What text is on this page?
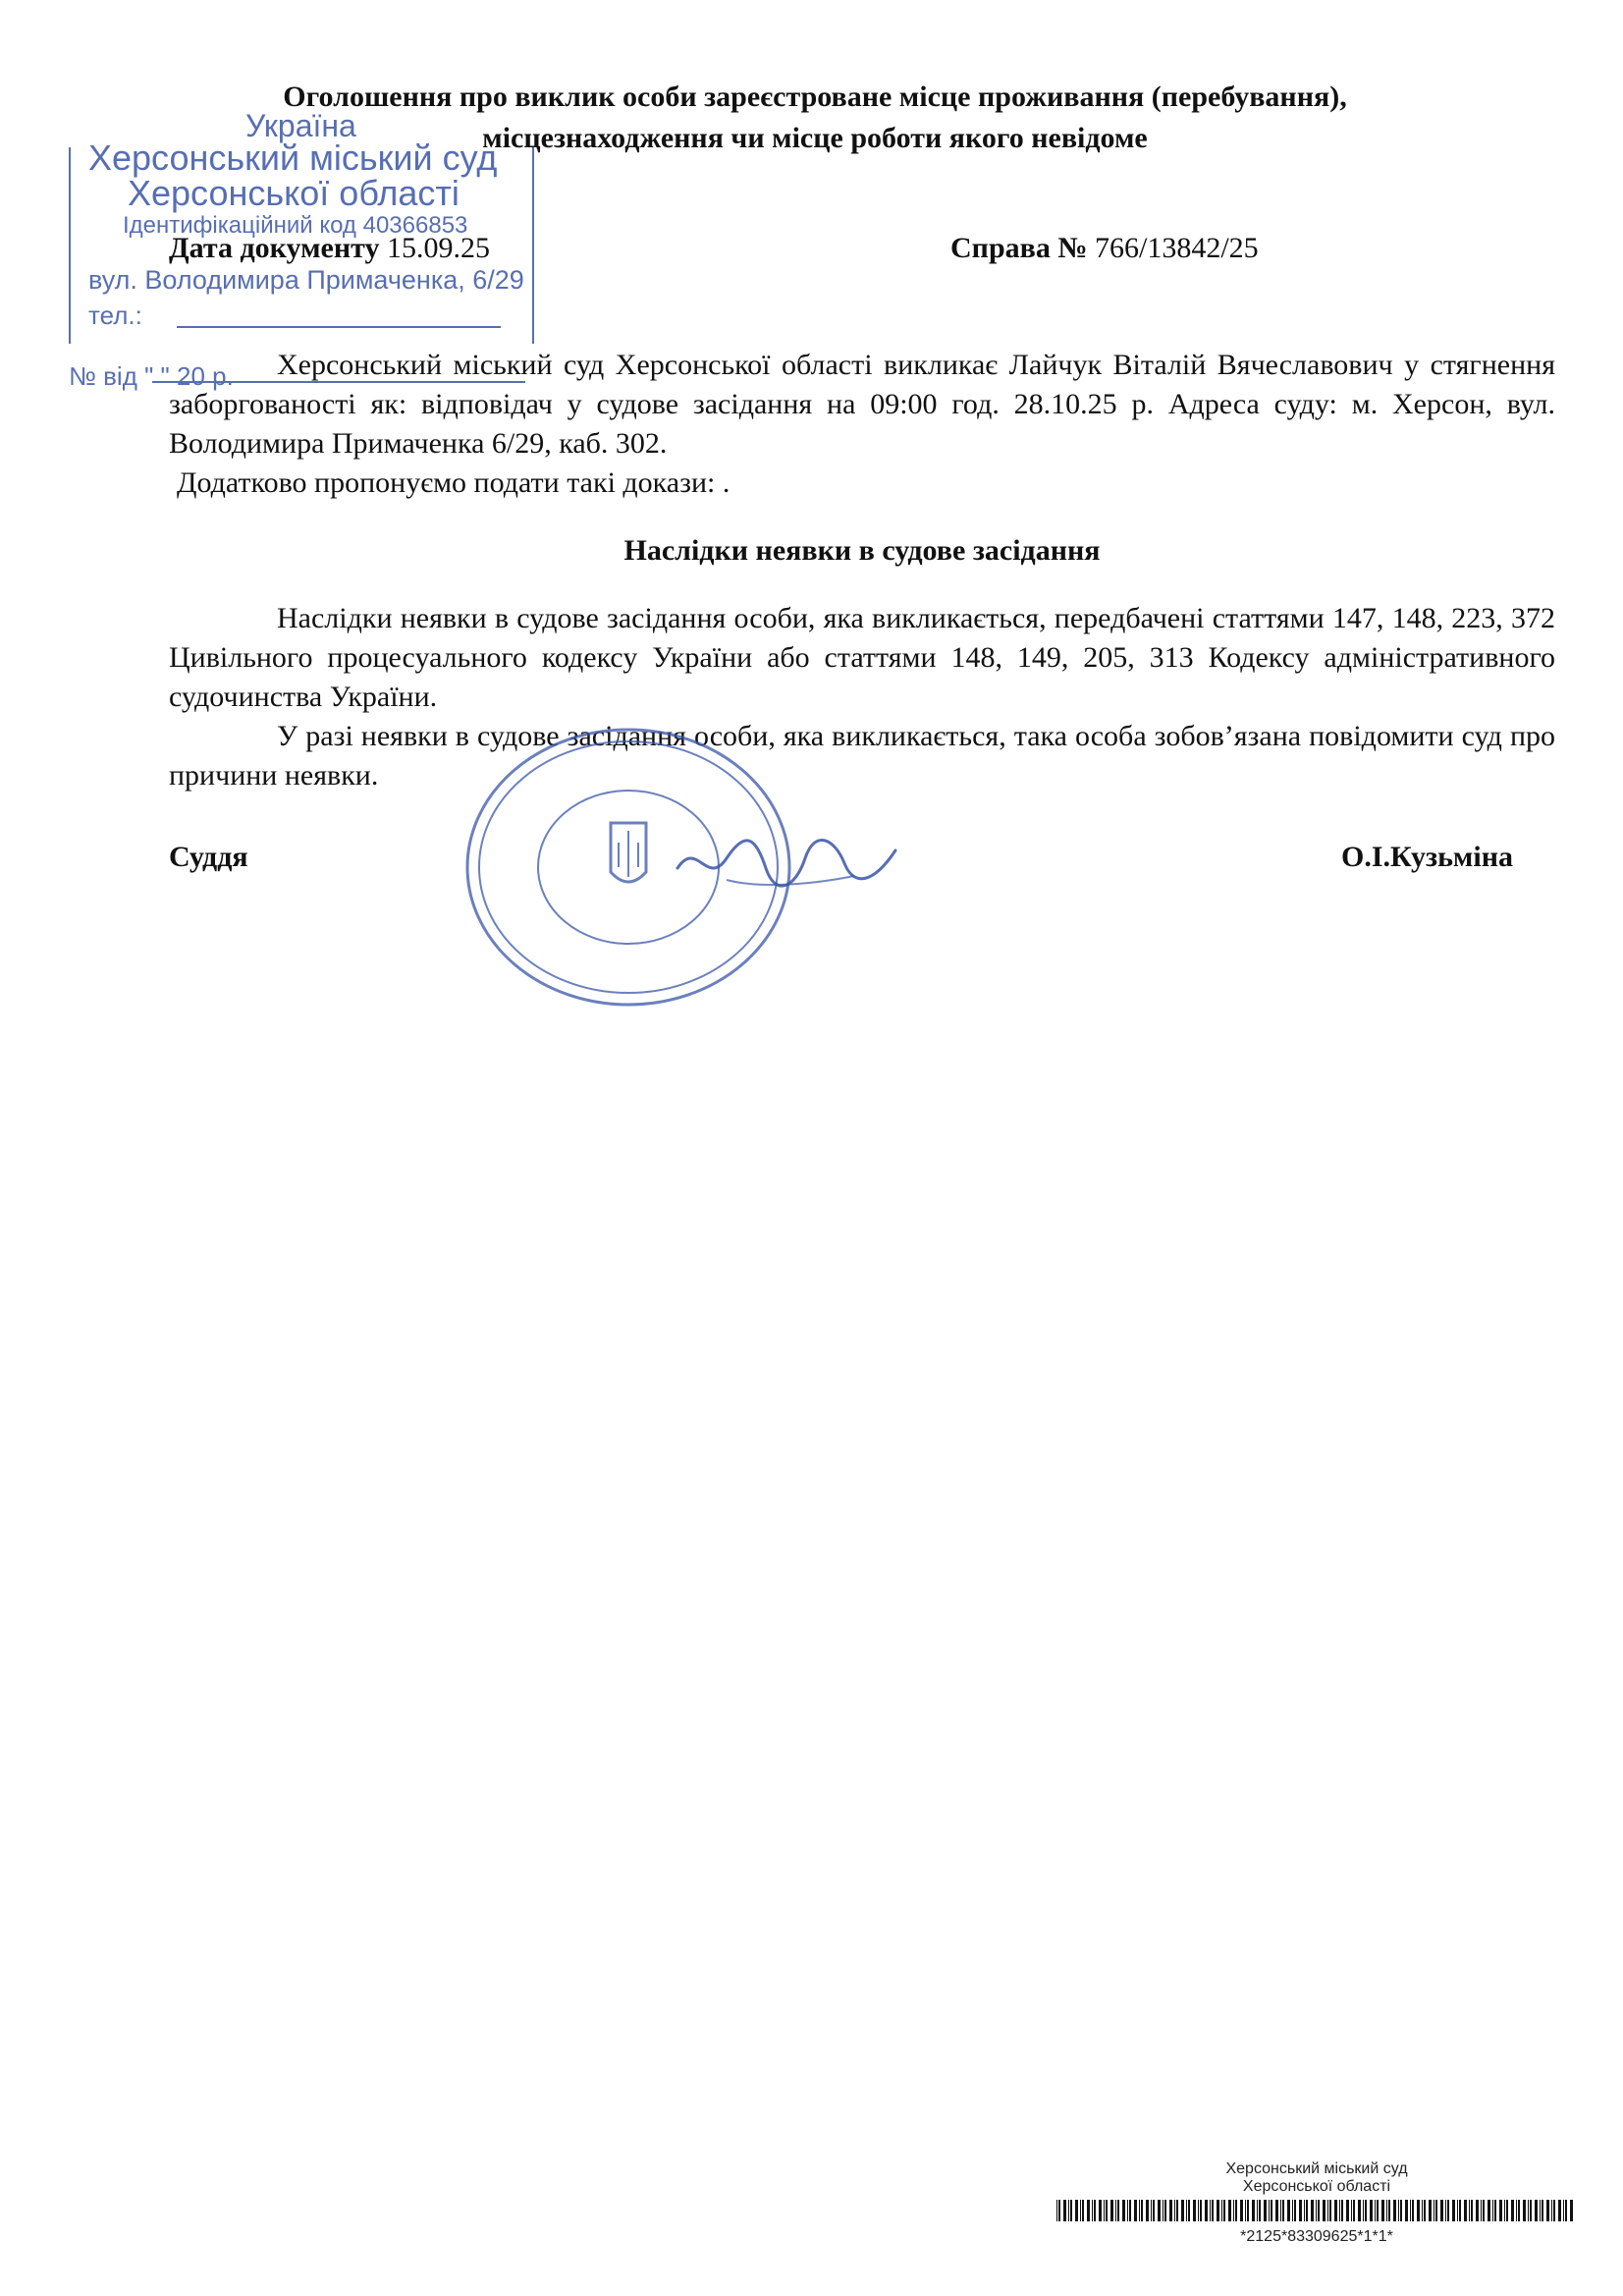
Україна
Херсонський міський суд
Херсонської області
Ідентифікаційний код 40366853
вул. Володимира Примаченка, 6/29
тел.:
№ від " " 20 р.
Оголошення про виклик особи зареєстроване місце проживання (перебування),
місцезнаходження чи місце роботи якого невідоме
Дата документу 15.09.25	Справа № 766/13842/25
Херсонський міський суд Херсонської області викликає Лайчук Віталій Вячеславович у стягнення заборгованості як: відповідач у судове засідання на 09:00 год. 28.10.25 р. Адреса суду: м. Херсон, вул. Володимира Примаченка 6/29, каб. 302.
Додатково пропонуємо подати такі докази: .
Наслідки неявки в судове засідання
Наслідки неявки в судове засідання особи, яка викликається, передбачені статтями 147, 148, 223, 372 Цивільного процесуального кодексу України або статтями 148, 149, 205, 313 Кодексу адміністративного судочинства України.
У разі неявки в судове засідання особи, яка викликається, така особа зобов’язана повідомити суд про причини неявки.
Суддя	О.І.Кузьміна
Херсонський міський суд
Херсонської області
*2125*83309625*1*1*
